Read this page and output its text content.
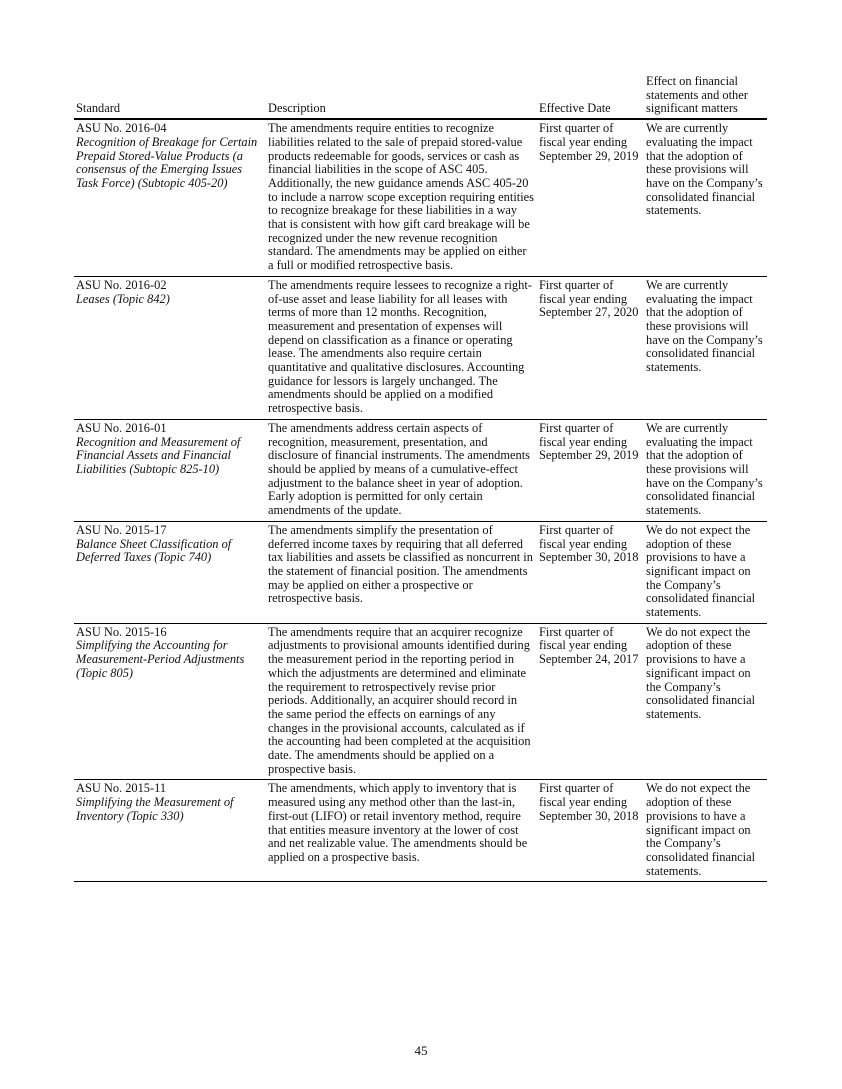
Standard	Description	Effective Date	Effect on financial statements and other significant matters

ASU No. 2016-04
Recognition of Breakage for Certain Prepaid Stored-Value Products (a consensus of the Emerging Issues Task Force) (Subtopic 405-20)	The amendments require entities to recognize liabilities related to the sale of prepaid stored-value products redeemable for goods, services or cash as financial liabilities in the scope of ASC 405. Additionally, the new guidance amends ASC 405-20 to include a narrow scope exception requiring entities to recognize breakage for these liabilities in a way that is consistent with how gift card breakage will be recognized under the new revenue recognition standard. The amendments may be applied on either a full or modified retrospective basis.	First quarter of fiscal year ending September 29, 2019	We are currently evaluating the impact that the adoption of these provisions will have on the Company’s consolidated financial statements.

ASU No. 2016-02
Leases (Topic 842)	The amendments require lessees to recognize a right-of-use asset and lease liability for all leases with terms of more than 12 months. Recognition, measurement and presentation of expenses will depend on classification as a finance or operating lease. The amendments also require certain quantitative and qualitative disclosures. Accounting guidance for lessors is largely unchanged. The amendments should be applied on a modified retrospective basis.	First quarter of fiscal year ending September 27, 2020	We are currently evaluating the impact that the adoption of these provisions will have on the Company’s consolidated financial statements.

ASU No. 2016-01
Recognition and Measurement of Financial Assets and Financial Liabilities (Subtopic 825-10)	The amendments address certain aspects of recognition, measurement, presentation, and disclosure of financial instruments. The amendments should be applied by means of a cumulative-effect adjustment to the balance sheet in year of adoption. Early adoption is permitted for only certain amendments of the update.	First quarter of fiscal year ending September 29, 2019	We are currently evaluating the impact that the adoption of these provisions will have on the Company’s consolidated financial statements.

ASU No. 2015-17
Balance Sheet Classification of Deferred Taxes (Topic 740)	The amendments simplify the presentation of deferred income taxes by requiring that all deferred tax liabilities and assets be classified as noncurrent in the statement of financial position. The amendments may be applied on either a prospective or retrospective basis.	First quarter of fiscal year ending September 30, 2018	We do not expect the adoption of these provisions to have a significant impact on the Company’s consolidated financial statements.

ASU No. 2015-16
Simplifying the Accounting for Measurement-Period Adjustments (Topic 805)	The amendments require that an acquirer recognize adjustments to provisional amounts identified during the measurement period in the reporting period in which the adjustments are determined and eliminate the requirement to retrospectively revise prior periods. Additionally, an acquirer should record in the same period the effects on earnings of any changes in the provisional accounts, calculated as if the accounting had been completed at the acquisition date. The amendments should be applied on a prospective basis.	First quarter of fiscal year ending September 24, 2017	We do not expect the adoption of these provisions to have a significant impact on the Company’s consolidated financial statements.

ASU No. 2015-11
Simplifying the Measurement of Inventory (Topic 330)	The amendments, which apply to inventory that is measured using any method other than the last-in, first-out (LIFO) or retail inventory method, require that entities measure inventory at the lower of cost and net realizable value. The amendments should be applied on a prospective basis.	First quarter of fiscal year ending September 30, 2018	We do not expect the adoption of these provisions to have a significant impact on the Company’s consolidated financial statements.
45
